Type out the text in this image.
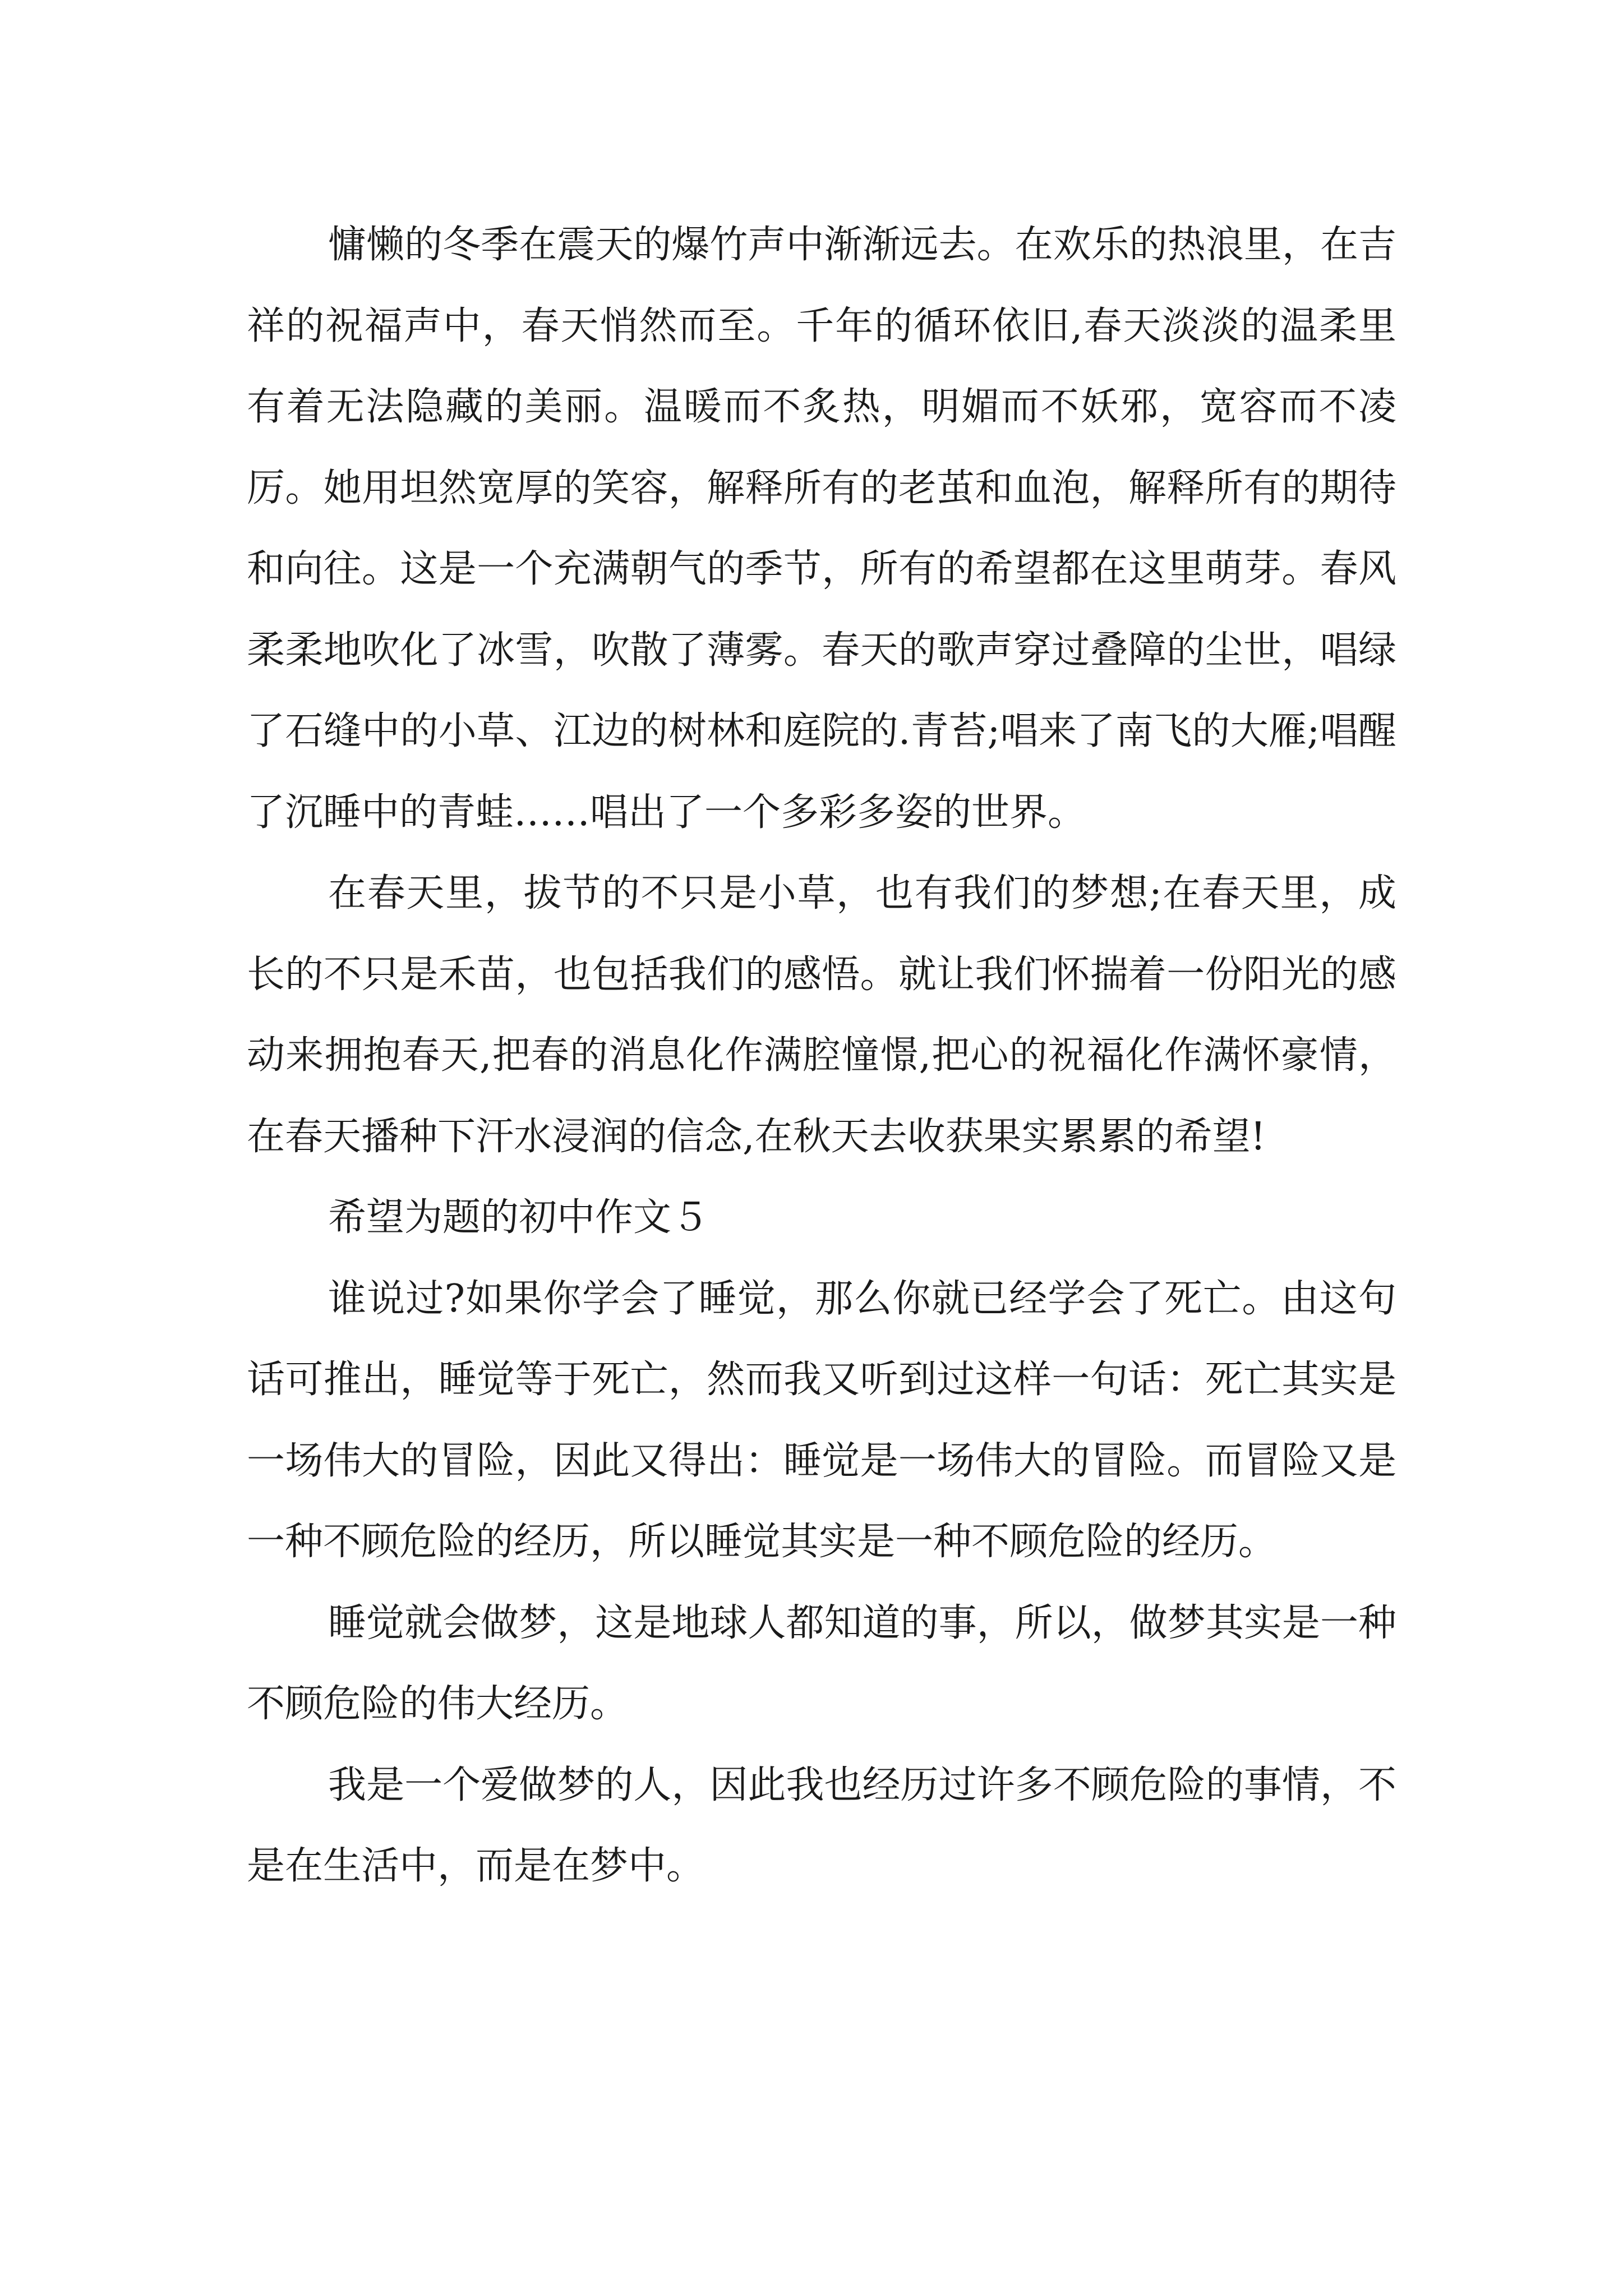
慵懒的冬季在震天的爆竹声中渐渐远去。在欢乐的热浪里，在吉祥的祝福声中，春天悄然而至。千年的循环依旧,春天淡淡的温柔里有着无法隐藏的美丽。温暖而不炙热，明媚而不妖邪，宽容而不凌厉。她用坦然宽厚的笑容，解释所有的老茧和血泡，解释所有的期待和向往。这是一个充满朝气的季节，所有的希望都在这里萌芽。春风柔柔地吹化了冰雪，吹散了薄雾。春天的歌声穿过叠障的尘世，唱绿了石缝中的小草、江边的树林和庭院的.青苔;唱来了南飞的大雁;唱醒了沉睡中的青蛙……唱出了一个多彩多姿的世界。

在春天里，拔节的不只是小草，也有我们的梦想;在春天里，成长的不只是禾苗，也包括我们的感悟。就让我们怀揣着一份阳光的感动来拥抱春天,把春的消息化作满腔憧憬,把心的祝福化作满怀豪情，在春天播种下汗水浸润的信念,在秋天去收获果实累累的希望!

希望为题的初中作文５

谁说过?如果你学会了睡觉，那么你就已经学会了死亡。由这句话可推出，睡觉等于死亡，然而我又听到过这样一句话：死亡其实是一场伟大的冒险，因此又得出：睡觉是一场伟大的冒险。而冒险又是一种不顾危险的经历，所以睡觉其实是一种不顾危险的经历。

睡觉就会做梦，这是地球人都知道的事，所以，做梦其实是一种不顾危险的伟大经历。

我是一个爱做梦的人，因此我也经历过许多不顾危险的事情，不是在生活中，而是在梦中。
